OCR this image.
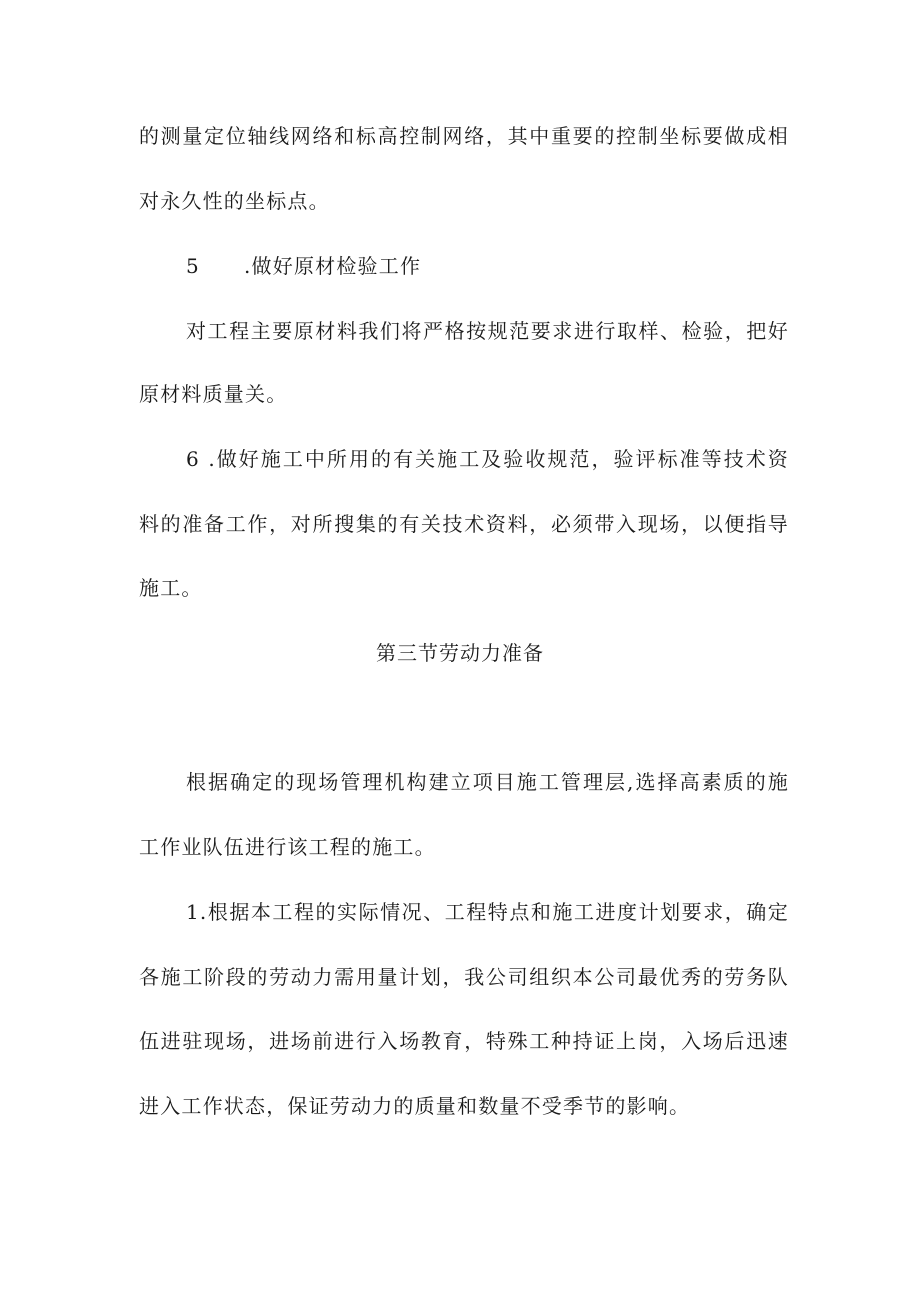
的测量定位轴线网络和标高控制网络，其中重要的控制坐标要做成相
对永久性的坐标点。
5 .做好原材检验工作
对工程主要原材料我们将严格按规范要求进行取样、检验，把好
原材料质量关。
6 .做好施工中所用的有关施工及验收规范，验评标准等技术资
料的准备工作，对所搜集的有关技术资料，必须带入现场，以便指导
施工。
第三节劳动力准备
根据确定的现场管理机构建立项目施工管理层,选择高素质的施
工作业队伍进行该工程的施工。
1.根据本工程的实际情况、工程特点和施工进度计划要求，确定
各施工阶段的劳动力需用量计划，我公司组织本公司最优秀的劳务队
伍进驻现场，进场前进行入场教育，特殊工种持证上岗，入场后迅速
进入工作状态，保证劳动力的质量和数量不受季节的影响。
